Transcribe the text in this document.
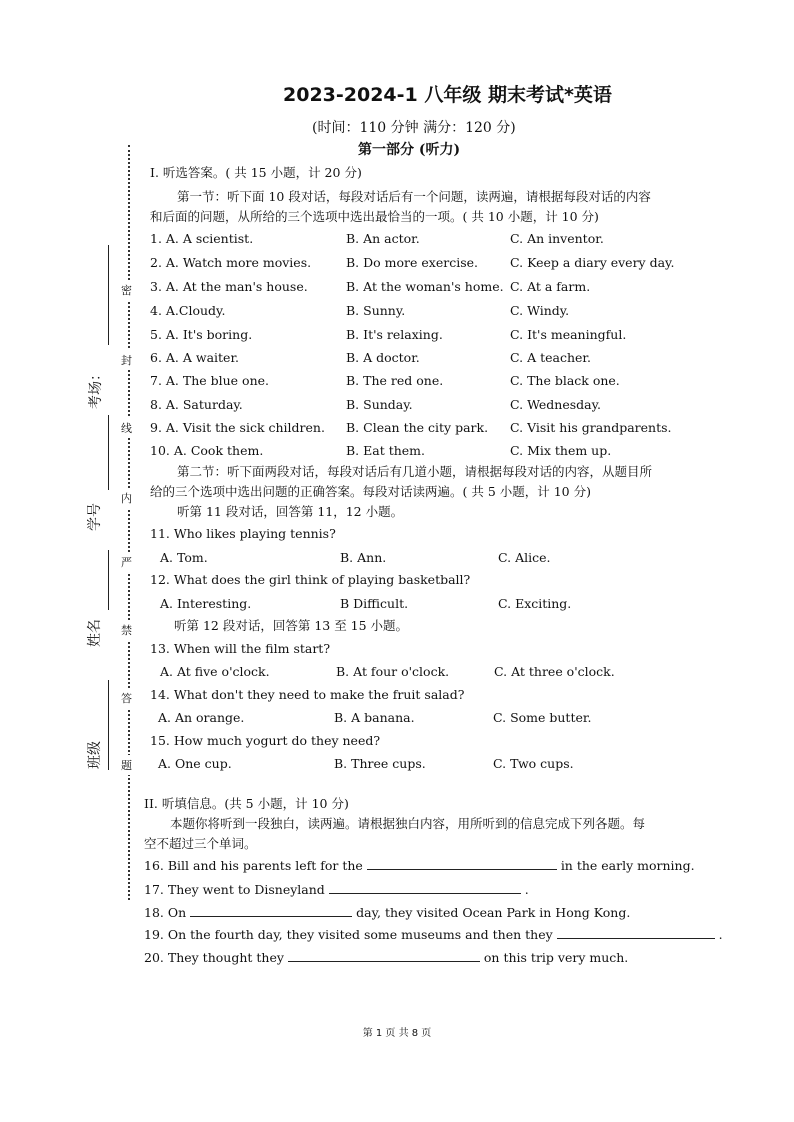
2023-2024-1 八年级 期末考试*英语
(时间：110 分钟 满分：120 分)
第一部分 (听力)
考场：
学号
姓名
班级
密
封
线
内
严
禁
答
题
I. 听选答案。( 共 15 小题，计 20 分)
第一节：听下面 10 段对话，每段对话后有一个问题，读两遍，请根据每段对话的内容
和后面的问题，从所给的三个选项中选出最恰当的一项。( 共 10 小题，计 10 分)
1. A. A scientist.	B. An actor.	C. An inventor.
2. A. Watch more movies.	B. Do more exercise.	C. Keep a diary every day.
3. A. At the man's house.	B. At the woman's home. C. At a farm.
4. A.Cloudy.	B. Sunny.	C. Windy.
5. A. It's boring.	B. It's relaxing.	C. It's meaningful.
6. A. A waiter.	B. A doctor.	C. A teacher.
7. A. The blue one.	B. The red one.	C. The black one.
8. A. Saturday.	B. Sunday.	C. Wednesday.
9. A. Visit the sick children. B. Clean the city park. C. Visit his grandparents.
10. A. Cook them.	B. Eat them.	C. Mix them up.
第二节：听下面两段对话，每段对话后有几道小题，请根据每段对话的内容，从题目所
给的三个选项中选出问题的正确答案。每段对话读两遍。( 共 5 小题，计 10 分)
听第 11 段对话，回答第 11，12 小题。
11. Who likes playing tennis?
A. Tom.	B. Ann.	C. Alice.
12. What does the girl think of playing basketball?
A. Interesting.	B Difficult.	C. Exciting.
听第 12 段对话，回答第 13 至 15 小题。
13. When will the film start?
A. At five o'clock.	B. At four o'clock.	C. At three o'clock.
14. What don't they need to make the fruit salad?
A. An orange.	B. A banana.	C. Some butter.
15. How much yogurt do they need?
A. One cup.	B. Three cups.	C. Two cups.
II. 听填信息。(共 5 小题，计 10 分)
本题你将听到一段独白，读两遍。请根据独白内容，用所听到的信息完成下列各题。每
空不超过三个单词。
16. Bill and his parents left for the	in the early morning.
17. They went to Disneyland	.
18. On	day, they visited Ocean Park in Hong Kong.
19. On the fourth day, they visited some museums and then they	.
20. They thought they	on this trip very much.
第 1 页 共 8 页
